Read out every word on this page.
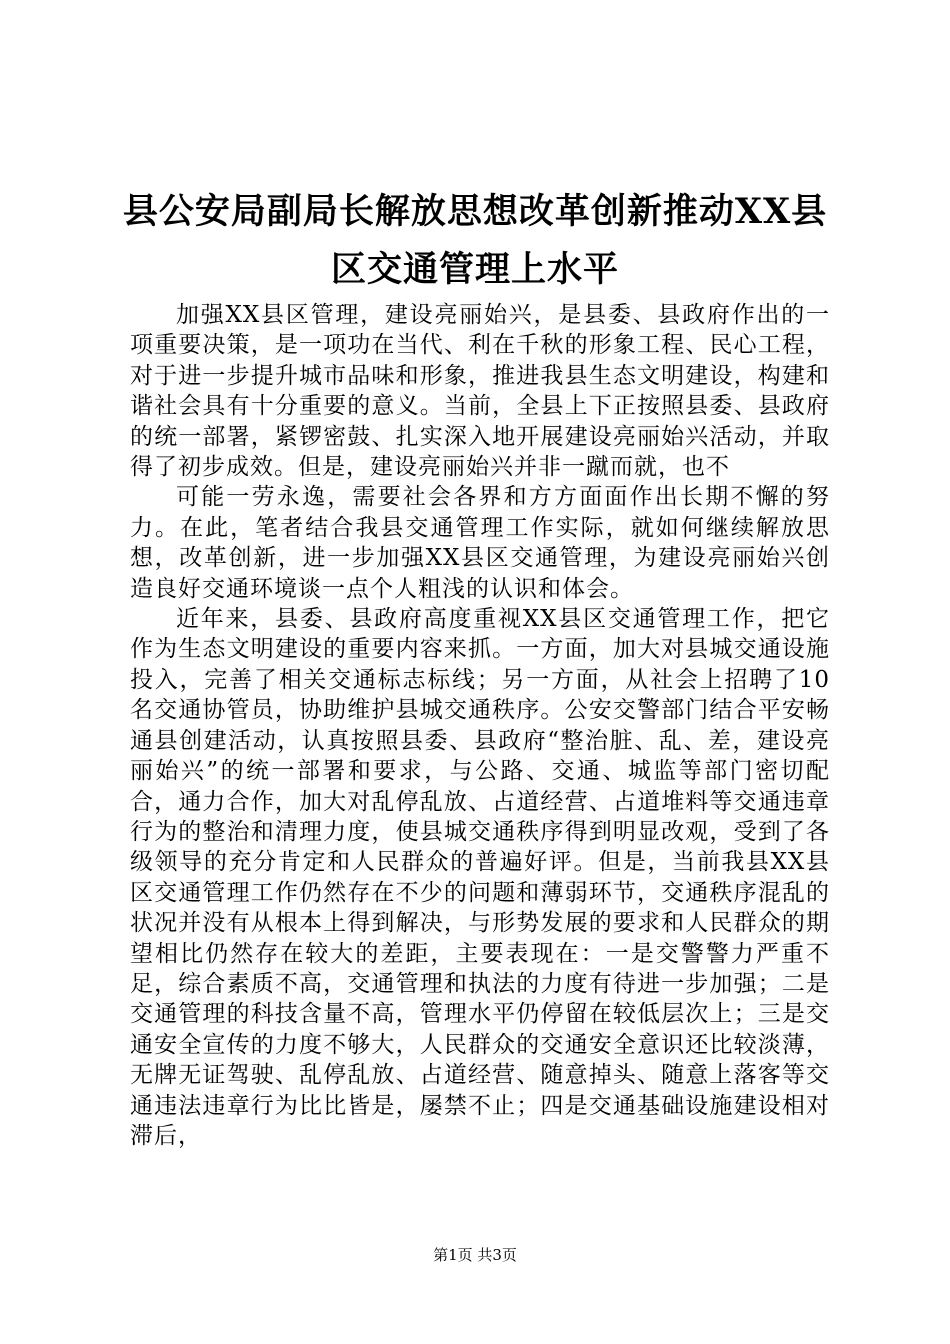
县公安局副局长解放思想改革创新推动XX县
区交通管理上水平

加强XX县区管理，建设亮丽始兴，是县委、县政府作出的一项重要决策，是一项功在当代、利在千秋的形象工程、民心工程，对于进一步提升城市品味和形象，推进我县生态文明建设，构建和谐社会具有十分重要的意义。当前，全县上下正按照县委、县政府的统一部署，紧锣密鼓、扎实深入地开展建设亮丽始兴活动，并取得了初步成效。但是，建设亮丽始兴并非一蹴而就，也不

可能一劳永逸，需要社会各界和方方面面作出长期不懈的努力。在此，笔者结合我县交通管理工作实际，就如何继续解放思想，改革创新，进一步加强XX县区交通管理，为建设亮丽始兴创造良好交通环境谈一点个人粗浅的认识和体会。

近年来，县委、县政府高度重视XX县区交通管理工作，把它作为生态文明建设的重要内容来抓。一方面，加大对县城交通设施投入，完善了相关交通标志标线；另一方面，从社会上招聘了10名交通协管员，协助维护县城交通秩序。公安交警部门结合平安畅通县创建活动，认真按照县委、县政府“整治脏、乱、差，建设亮丽始兴”的统一部署和要求，与公路、交通、城监等部门密切配合，通力合作，加大对乱停乱放、占道经营、占道堆料等交通违章行为的整治和清理力度，使县城交通秩序得到明显改观，受到了各级领导的充分肯定和人民群众的普遍好评。但是，当前我县XX县区交通管理工作仍然存在不少的问题和薄弱环节，交通秩序混乱的状况并没有从根本上得到解决，与形势发展的要求和人民群众的期望相比仍然存在较大的差距，主要表现在：一是交警警力严重不足，综合素质不高，交通管理和执法的力度有待进一步加强；二是交通管理的科技含量不高，管理水平仍停留在较低层次上；三是交通安全宣传的力度不够大，人民群众的交通安全意识还比较淡薄，无牌无证驾驶、乱停乱放、占道经营、随意掉头、随意上落客等交通违法违章行为比比皆是，屡禁不止；四是交通基础设施建设相对滞后，

第1页 共3页
